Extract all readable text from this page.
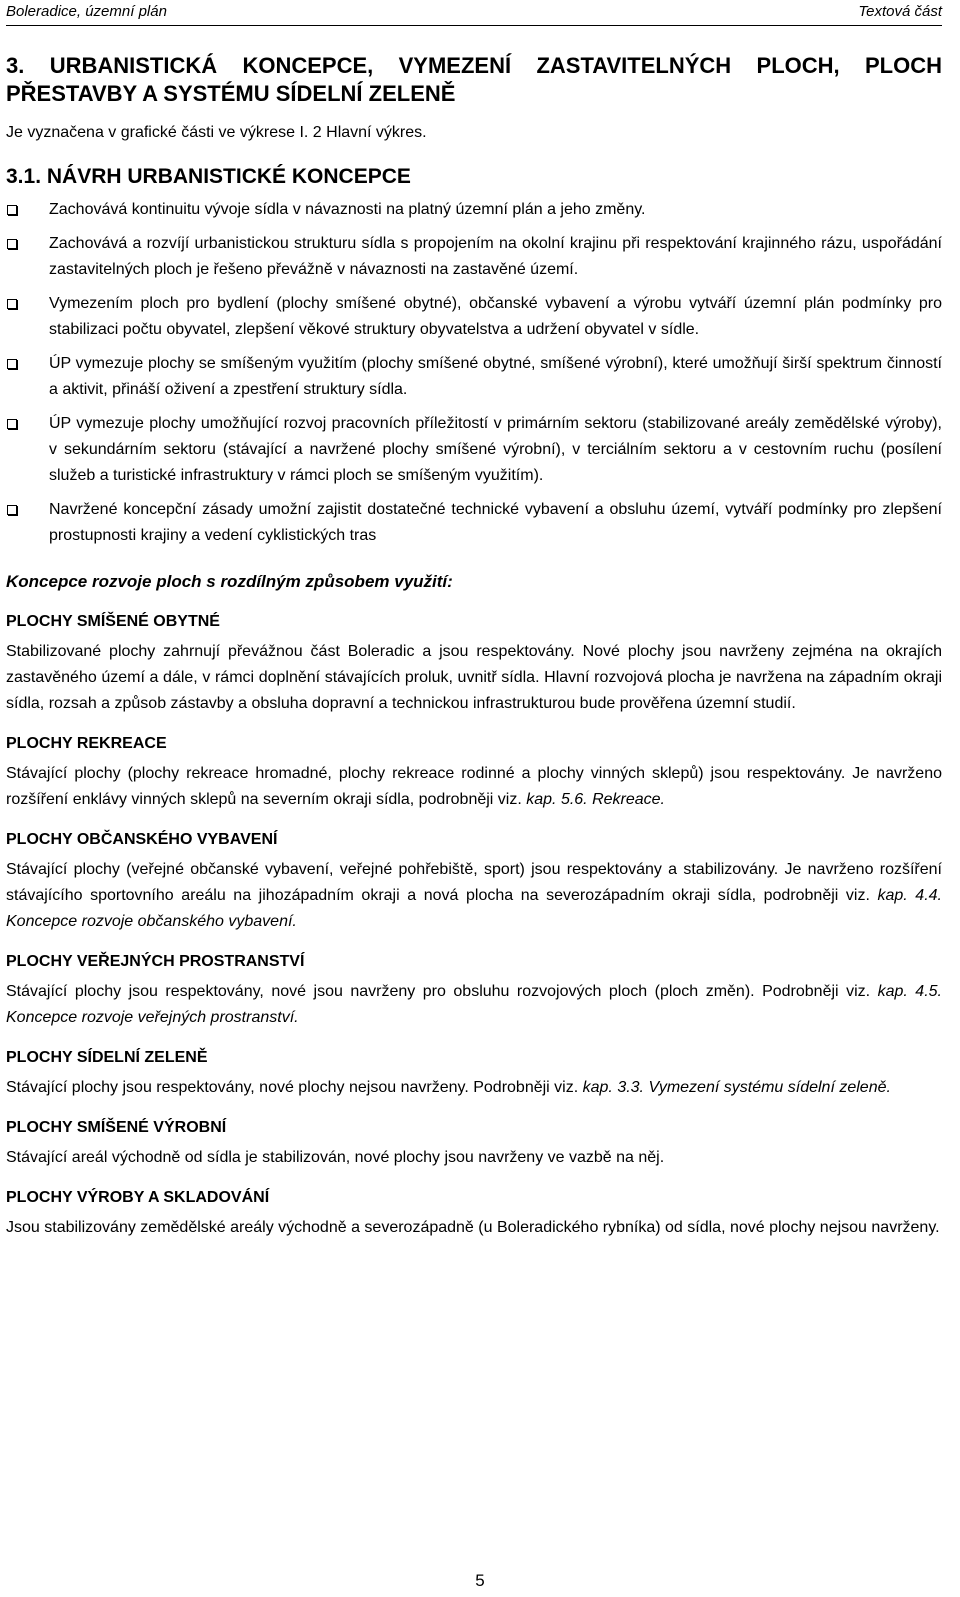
Boleradice, územní plán	Textová část
3. URBANISTICKÁ KONCEPCE, VYMEZENÍ ZASTAVITELNÝCH PLOCH, PLOCH PŘESTAVBY A SYSTÉMU SÍDELNÍ ZELENĚ

Je vyznačena v grafické části ve výkrese I. 2 Hlavní výkres.

3.1. NÁVRH URBANISTICKÉ KONCEPCE
Zachovává kontinuitu vývoje sídla v návaznosti na platný územní plán a jeho změny.
Zachovává a rozvíjí urbanistickou strukturu sídla s propojením na okolní krajinu při respektování krajinného rázu, uspořádání zastavitelných ploch je řešeno převážně v návaznosti na zastavěné území.
Vymezením ploch pro bydlení (plochy smíšené obytné), občanské vybavení a výrobu vytváří územní plán podmínky pro stabilizaci počtu obyvatel, zlepšení věkové struktury obyvatelstva a udržení obyvatel v sídle.
ÚP vymezuje plochy se smíšeným využitím (plochy smíšené obytné, smíšené výrobní), které umožňují širší spektrum činností a aktivit, přináší oživení a zpestření struktury sídla.
ÚP vymezuje plochy umožňující rozvoj pracovních příležitostí v primárním sektoru (stabilizované areály zemědělské výroby), v sekundárním sektoru (stávající a navržené plochy smíšené výrobní), v terciálním sektoru a v cestovním ruchu (posílení služeb a turistické infrastruktury v rámci ploch se smíšeným využitím).
Navržené koncepční zásady umožní zajistit dostatečné technické vybavení a obsluhu území, vytváří podmínky pro zlepšení prostupnosti krajiny a vedení cyklistických tras

Koncepce rozvoje ploch s rozdílným způsobem využití:

PLOCHY SMÍŠENÉ OBYTNÉ

Stabilizované plochy zahrnují převážnou část Boleradic a jsou respektovány. Nové plochy jsou navrženy zejména na okrajích zastavěného území a dále, v rámci doplnění stávajících proluk, uvnitř sídla. Hlavní rozvojová plocha je navržena na západním okraji sídla, rozsah a způsob zástavby a obsluha dopravní a technickou infrastrukturou bude prověřena územní studií.

PLOCHY REKREACE

Stávající plochy (plochy rekreace hromadné, plochy rekreace rodinné a plochy vinných sklepů) jsou respektovány. Je navrženo rozšíření enklávy vinných sklepů na severním okraji sídla, podrobněji viz. kap. 5.6. Rekreace.

PLOCHY OBČANSKÉHO VYBAVENÍ

Stávající plochy (veřejné občanské vybavení, veřejné pohřebiště, sport) jsou respektovány a stabilizovány. Je navrženo rozšíření stávajícího sportovního areálu na jihozápadním okraji a nová plocha na severozápadním okraji sídla, podrobněji viz. kap. 4.4. Koncepce rozvoje občanského vybavení.

PLOCHY VEŘEJNÝCH PROSTRANSTVÍ

Stávající plochy jsou respektovány, nové jsou navrženy pro obsluhu rozvojových ploch (ploch změn). Podrobněji viz. kap. 4.5. Koncepce rozvoje veřejných prostranství.

PLOCHY SÍDELNÍ ZELENĚ

Stávající plochy jsou respektovány, nové plochy nejsou navrženy. Podrobněji viz. kap. 3.3. Vymezení systému sídelní zeleně.

PLOCHY SMÍŠENÉ VÝROBNÍ

Stávající areál východně od sídla je stabilizován, nové plochy jsou navrženy ve vazbě na něj.

PLOCHY VÝROBY A SKLADOVÁNÍ

Jsou stabilizovány zemědělské areály východně a severozápadně (u Boleradického rybníka) od sídla, nové plochy nejsou navrženy.

5
